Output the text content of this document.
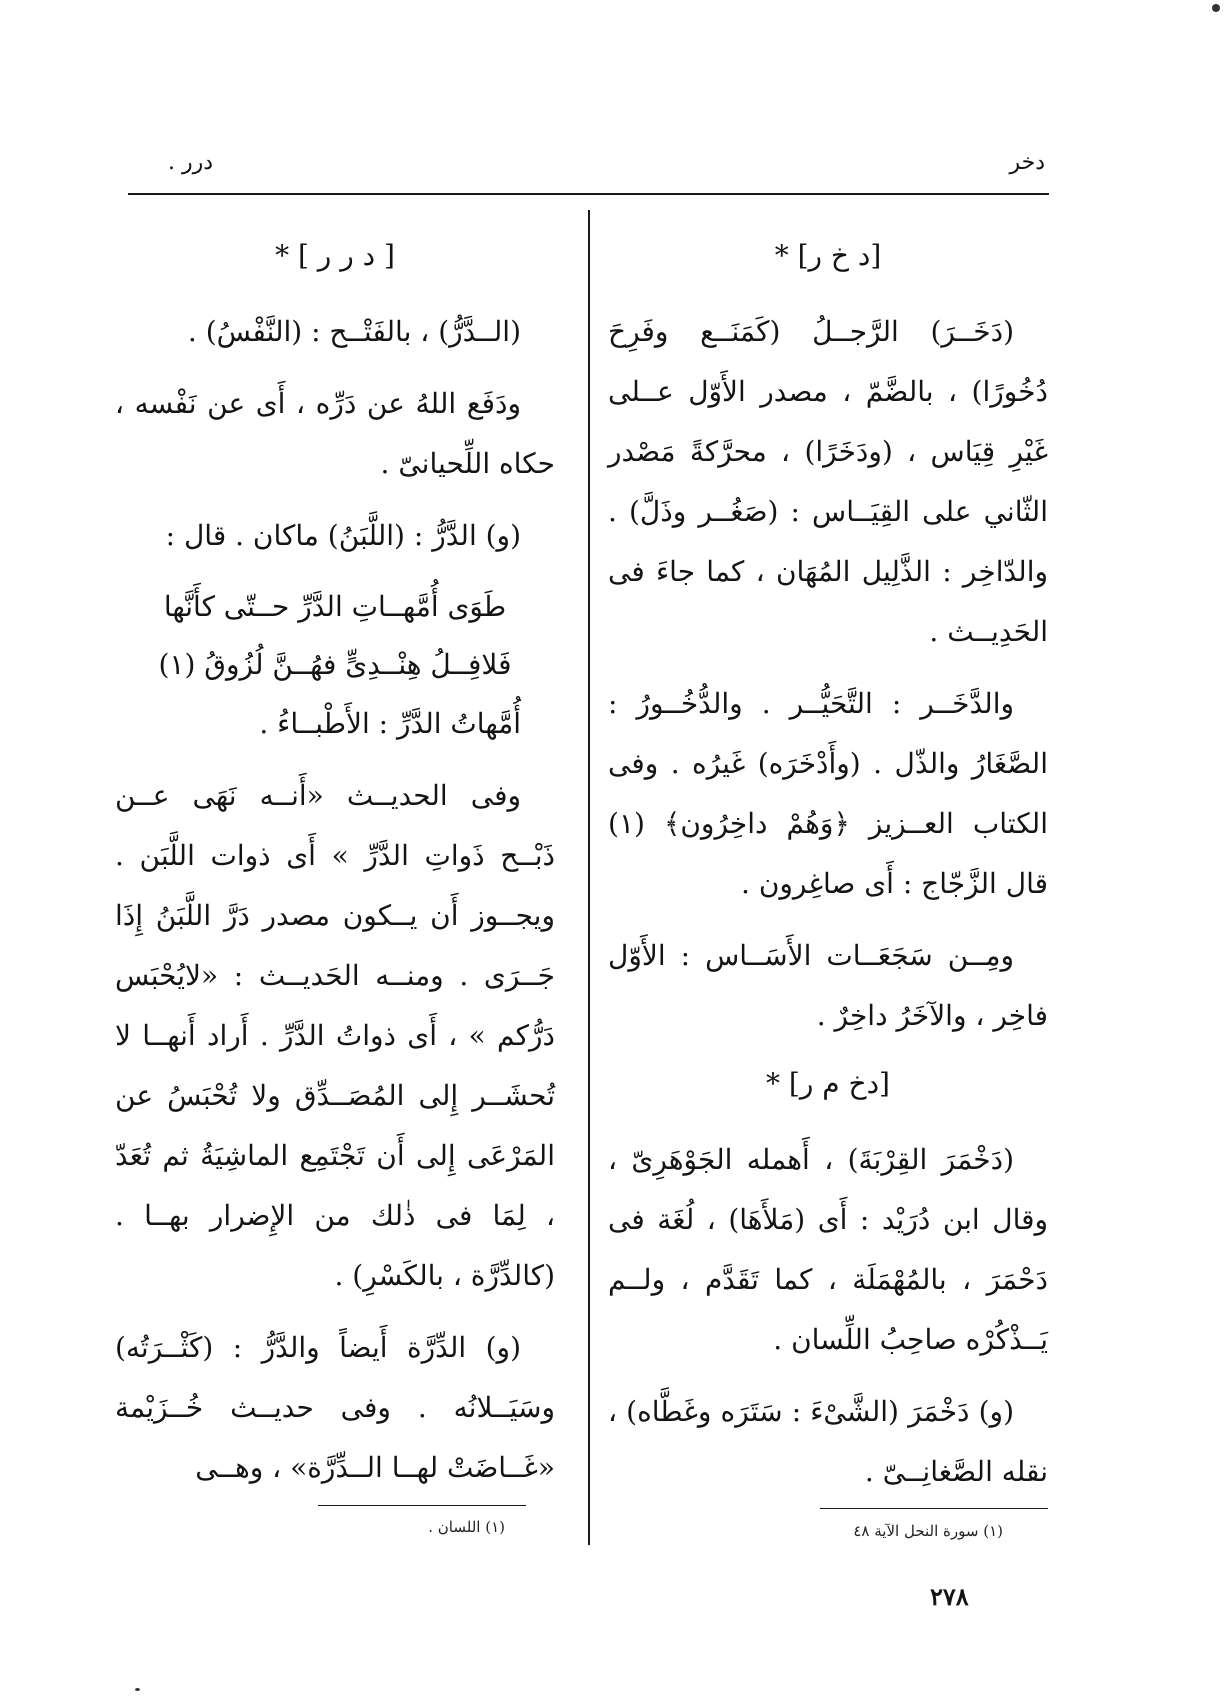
دخر
درر .
[د خ ر] *

(دَخَــرَ) الرَّجــلُ (كَمَنَــع وفَرِحَ دُخُورًا) ، بالضَّمّ ، مصدر الأَوّل عــلى غَيْرِ قِيَاس ، (ودَخَرًا) ، محرَّكةً مَصْدر الثّاني على القِيَــاس : (صَغُــر وذَلَّ) . والدّاخِر : الذَّلِيل المُهَان ، كما جاءَ فى الحَدِيــث .

والدَّخَــر : التَّحَيُّــر . والدُّخُــورُ : الصَّغَارُ والذّل . (وأَدْخَرَه) غَيرُه . وفى الكتاب العــزيز ﴿وَهُمْ داخِرُون﴾ (١) قال الزَّجّاج : أَى صاغِرون .

ومِــن سَجَعَــات الأَسَــاس : الأَوّل فاخِر ، والآخَرُ داخِرٌ .

[دخ م ر] *

(دَخْمَرَ القِرْبَةَ) ، أَهمله الجَوْهَرِىّ ، وقال ابن دُرَيْد : أَى (مَلأَهَا) ، لُغَة فى دَحْمَرَ ، بالمُهْمَلَة ، كما تَقَدَّم ، ولــم يَــذْكُرْه صاحِبُ اللِّسان .

(و) دَخْمَرَ (الشَّىْءَ : سَتَرَه وغَطَّاه) ، نقله الصَّغانِــىّ .

[ د ر ر ] *

(الــدَّرُّ) ، بالفَتْــح : (النَّفْسُ) .

ودَفَع اللهُ عن دَرِّه ، أَى عن نَفْسه ، حكاه اللِّحيانىّ .

(و) الدَّرُّ : (اللَّبَنُ) ماكان . قال :

طَوَى أُمَّهــاتِ الدَّرِّ حــتّى كأَنَّها
فَلافِــلُ هِنْــدِىٍّ فهُــنَّ لُزُوقُ (١)

أُمَّهاتُ الدَّرِّ : الأَطْبــاءُ .

وفى الحديــث «أَنــه نَهَى عــن ذَبْــح ذَواتِ الدَّرِّ » أَى ذوات اللَّبَن . ويجــوز أَن يــكون مصدر دَرَّ اللَّبَنُ إِذَا جَــرَى . ومنــه الحَديــث : «لايُحْبَس دَرُّكم » ، أَى ذواتُ الدَّرِّ . أَراد أَنهــا لا تُحشَــر إِلى المُصَــدِّق ولا تُحْبَسُ عن المَرْعَى إِلى أَن تَجْتَمِع الماشِيَةُ ثم تُعَدّ ، لِمَا فى ذٰلك من الإِضرار بهــا . (كالدِّرَّة ، بالكَسْرِ) .

(و) الدِّرَّة أَيضاً والدَّرُّ : (كَثْــرَتُه) وسَيَــلانُه . وفى حديــث خُــزَيْمة «غَــاضَتْ لهــا الــدِّرَّة» ، وهــى

(١) سورة النحل الآية ٤٨
(١) اللسان .
٢٧٨
